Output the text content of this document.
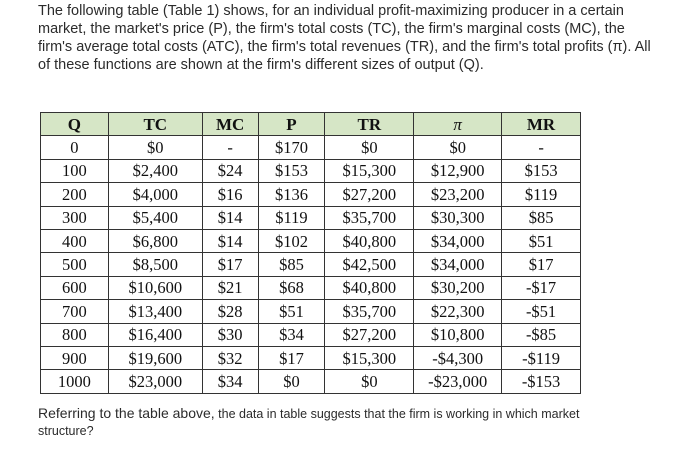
The following table (Table 1) shows, for an individual profit-maximizing producer in a certain market, the market's price (P), the firm's total costs (TC), the firm's marginal costs (MC), the firm's average total costs (ATC), the firm's total revenues (TR), and the firm's total profits (π). All of these functions are shown at the firm's different sizes of output (Q).

Q	TC	MC	P	TR	π	MR
0	$0	-	$170	$0	$0	-
100	$2,400	$24	$153	$15,300	$12,900	$153
200	$4,000	$16	$136	$27,200	$23,200	$119
300	$5,400	$14	$119	$35,700	$30,300	$85
400	$6,800	$14	$102	$40,800	$34,000	$51
500	$8,500	$17	$85	$42,500	$34,000	$17
600	$10,600	$21	$68	$40,800	$30,200	-$17
700	$13,400	$28	$51	$35,700	$22,300	-$51
800	$16,400	$30	$34	$27,200	$10,800	-$85
900	$19,600	$32	$17	$15,300	-$4,300	-$119
1000	$23,000	$34	$0	$0	-$23,000	-$153

Referring to the table above, the data in table suggests that the firm is working in which market structure?
